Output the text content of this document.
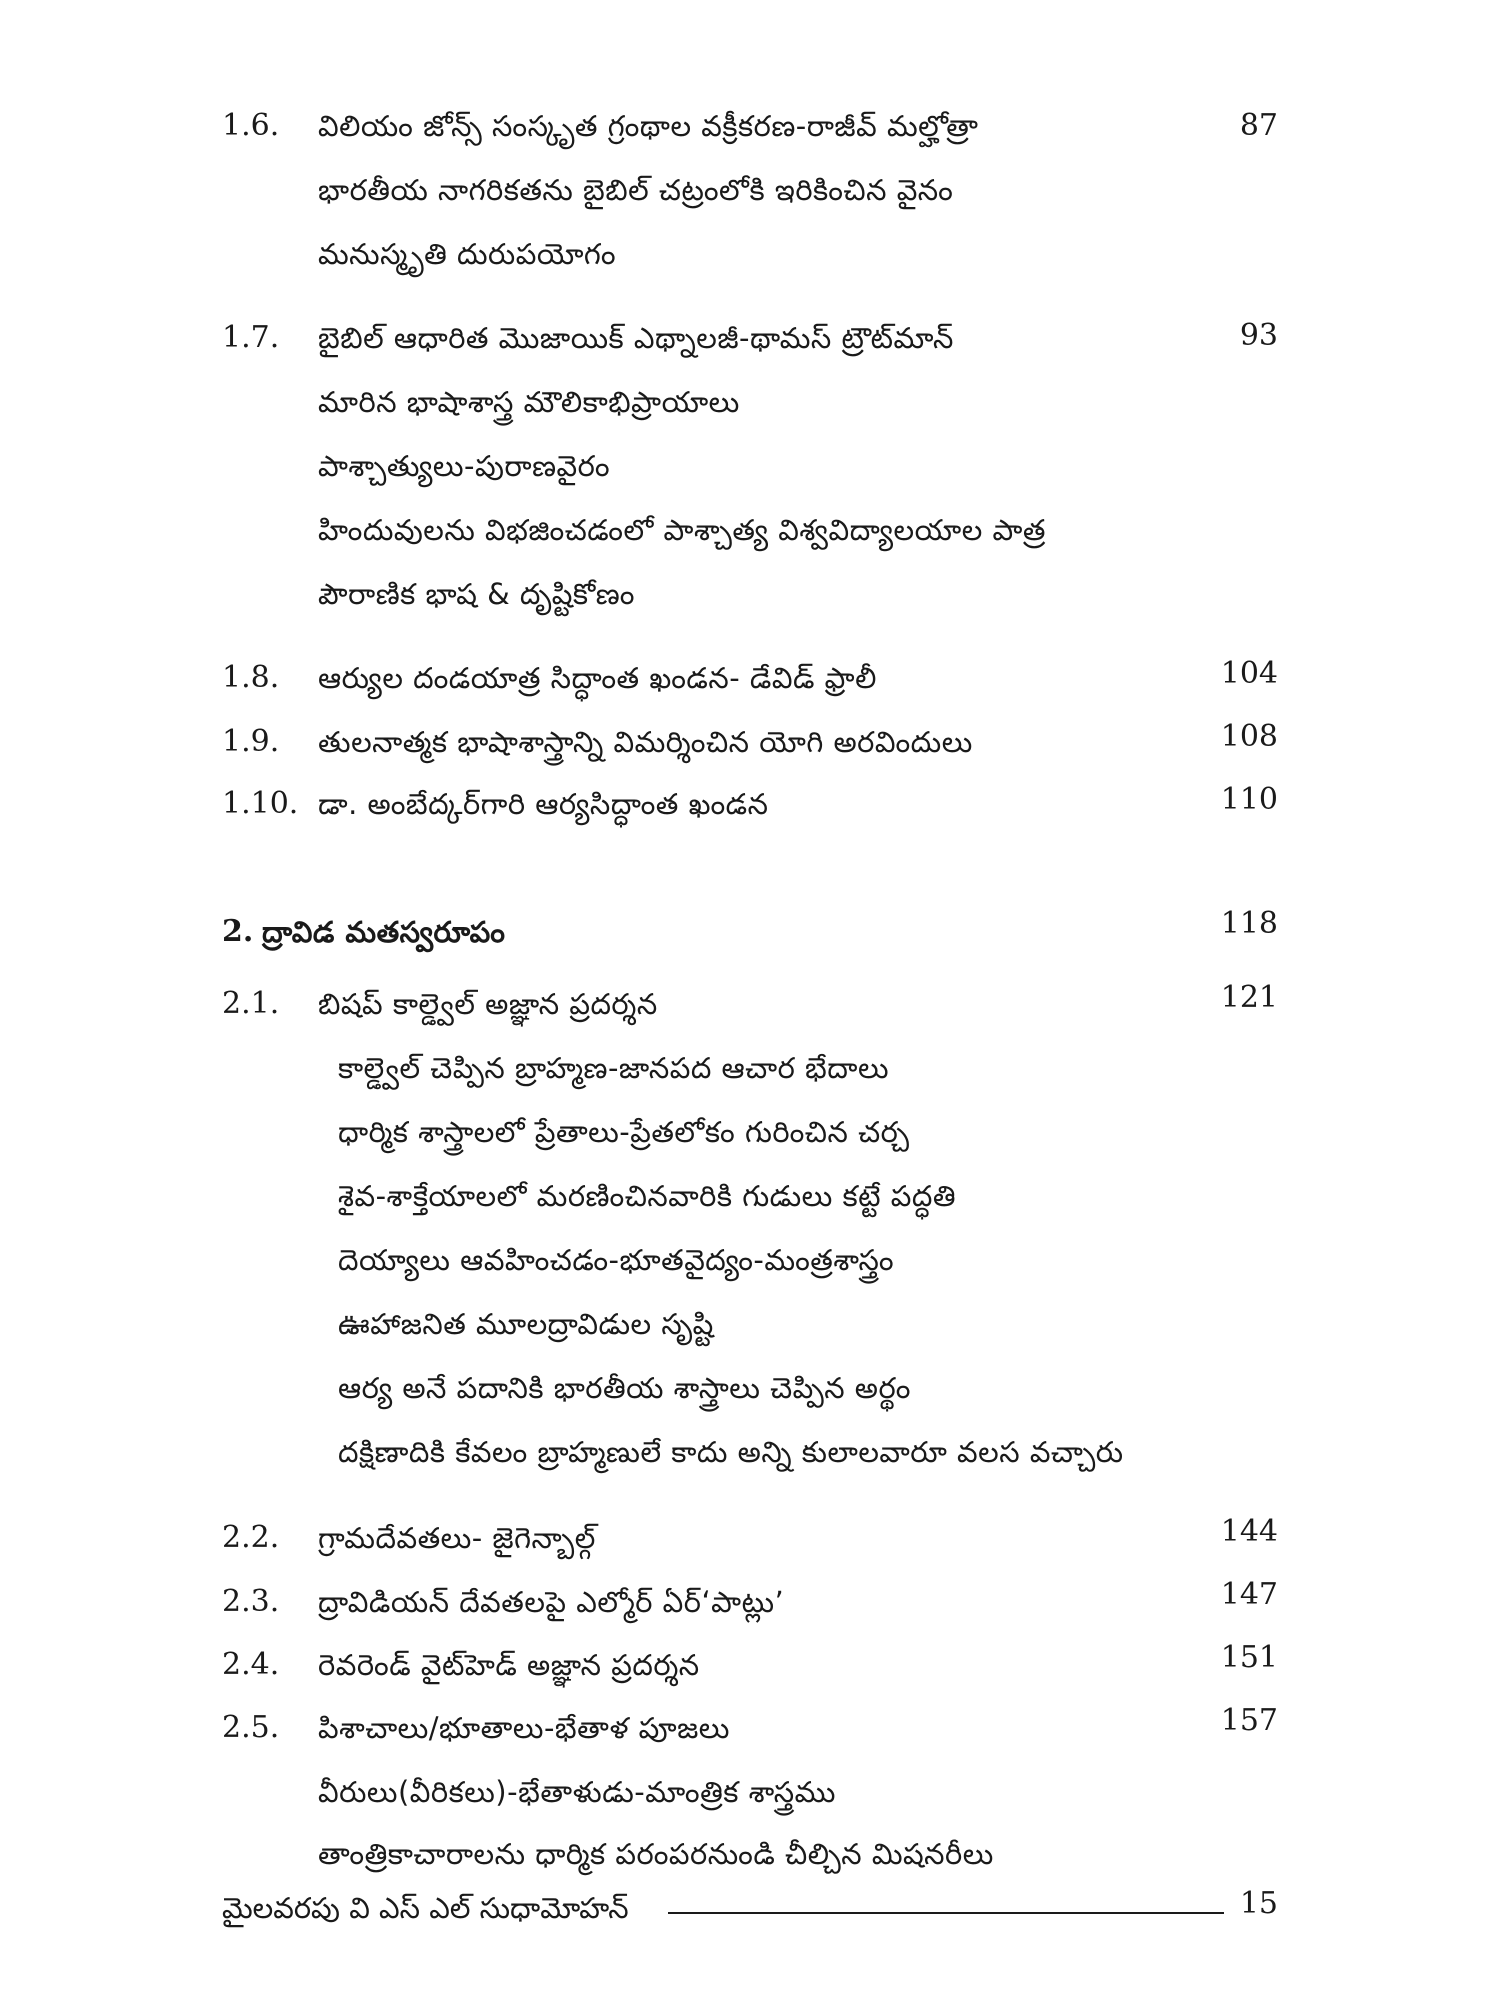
1.6. విలియం జోన్స్ సంస్కృత గ్రంథాల వక్రీకరణ-రాజీవ్ మల్హోత్రా	87
భారతీయ నాగరికతను బైబిల్ చట్రంలోకి ఇరికించిన వైనం
మనుస్మృతి దురుపయోగం
1.7. బైబిల్ ఆధారిత మొజాయిక్ ఎథ్నాలజీ-థామస్ ట్రౌట్‌మాన్	93
మారిన భాషాశాస్త్ర మౌలికాభిప్రాయాలు
పాశ్చాత్యులు-పురాణవైరం
హిందువులను విభజించడంలో పాశ్చాత్య విశ్వవిద్యాలయాల పాత్ర
పౌరాణిక భాష & దృష్టికోణం
1.8. ఆర్యుల దండయాత్ర సిద్ధాంత ఖండన- డేవిడ్ ఫ్రాలీ	104
1.9. తులనాత్మక భాషాశాస్త్రాన్ని విమర్శించిన యోగి అరవిందులు	108
1.10. డా. అంబేద్కర్‌గారి ఆర్యసిద్ధాంత ఖండన	110
2. ద్రావిడ మతస్వరూపం	118
2.1. బిషప్ కాల్డ్వెల్ అజ్ఞాన ప్రదర్శన	121
కాల్డ్వెల్ చెప్పిన బ్రాహ్మణ-జానపద ఆచార భేదాలు
ధార్మిక శాస్త్రాలలో ప్రేతాలు-ప్రేతలోకం గురించిన చర్చ
శైవ-శాక్తేయాలలో మరణించినవారికి గుడులు కట్టే పద్ధతి
దెయ్యాలు ఆవహించడం-భూతవైద్యం-మంత్రశాస్త్రం
ఊహాజనిత మూలద్రావిడుల సృష్టి
ఆర్య అనే పదానికి భారతీయ శాస్త్రాలు చెప్పిన అర్థం
దక్షిణాదికి కేవలం బ్రాహ్మణులే కాదు అన్ని కులాలవారూ వలస వచ్చారు
2.2. గ్రామదేవతలు- జైగెన్బాల్గ్	144
2.3. ద్రావిడియన్ దేవతలపై ఎల్మోర్ ఏర్‘పాట్లు’	147
2.4. రెవరెండ్ వైట్‌హెడ్ అజ్ఞాన ప్రదర్శన	151
2.5. పిశాచాలు/భూతాలు-భేతాళ పూజలు	157
వీరులు(వీరికలు)-భేతాళుడు-మాంత్రిక శాస్త్రము
తాంత్రికాచారాలను ధార్మిక పరంపరనుండి చీల్చిన మిషనరీలు
మైలవరపు వి ఎస్ ఎల్ సుధామోహన్	15
